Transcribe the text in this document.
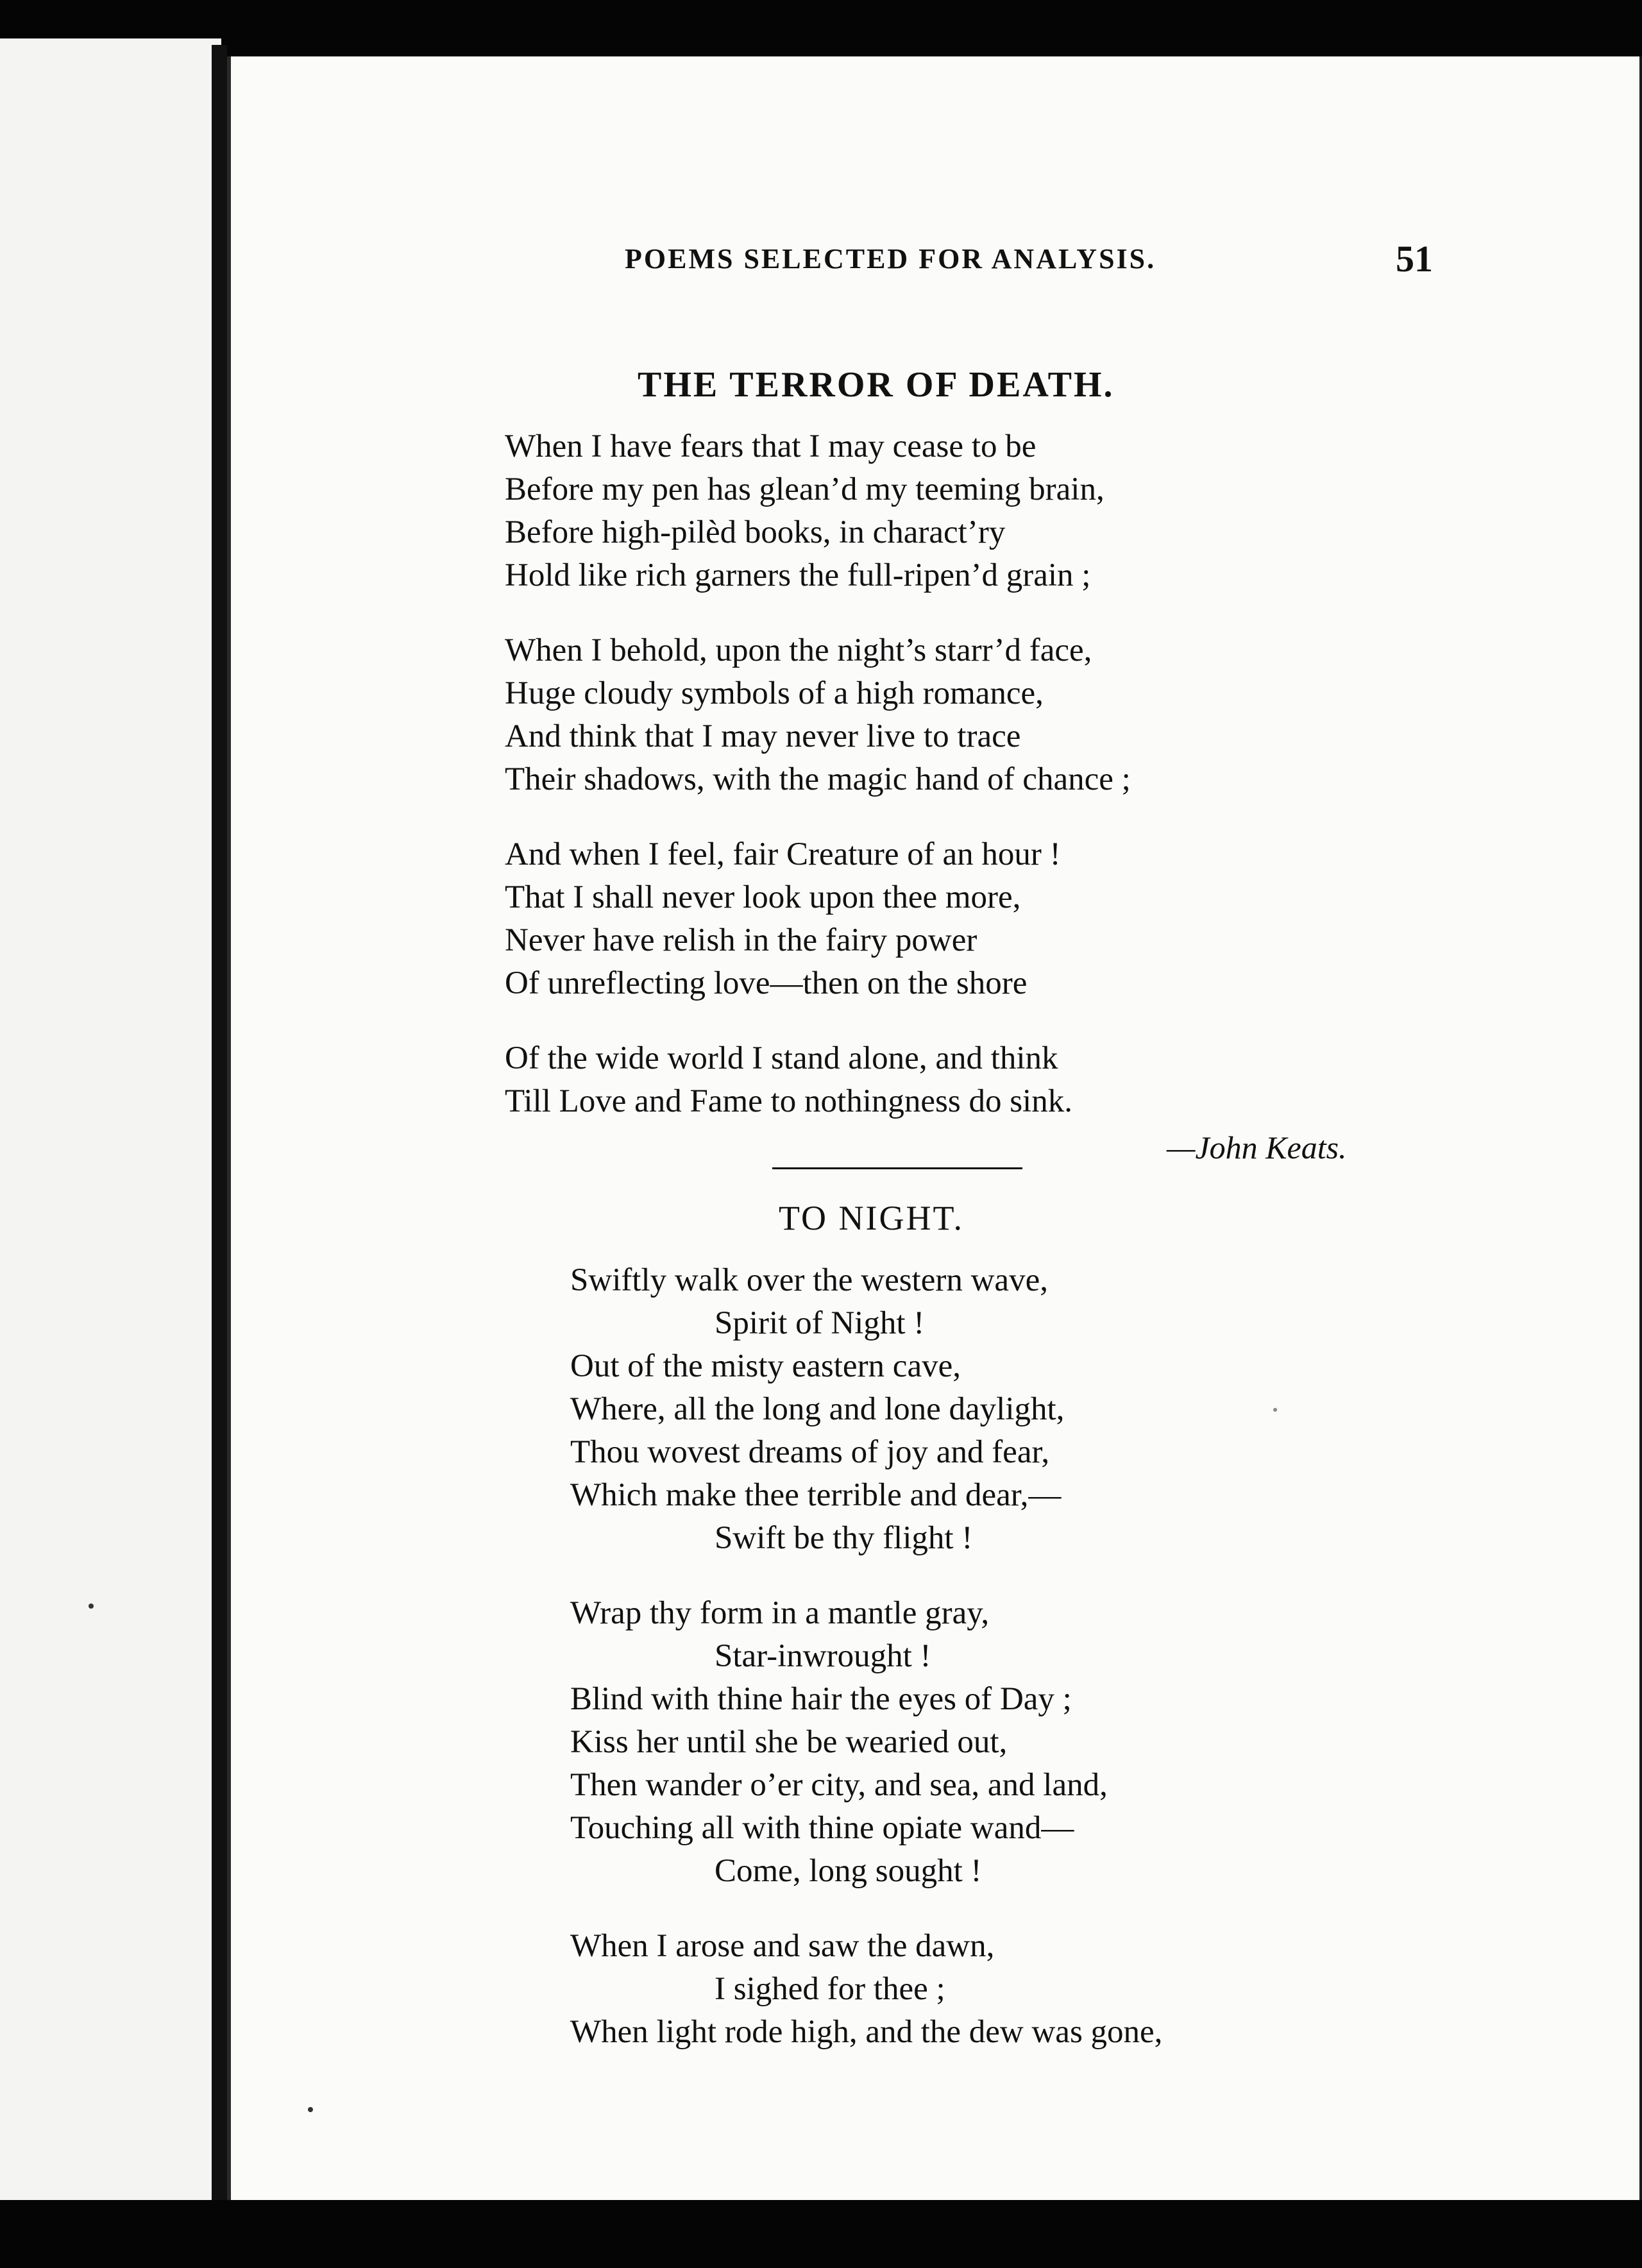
POEMS SELECTED FOR ANALYSIS.	51
THE TERROR OF DEATH.
When I have fears that I may cease to be
Before my pen has glean’d my teeming brain,
Before high-pilèd books, in charact’ry
Hold like rich garners the full-ripen’d grain ;
When I behold, upon the night’s starr’d face,
Huge cloudy symbols of a high romance,
And think that I may never live to trace
Their shadows, with the magic hand of chance ;
And when I feel, fair Creature of an hour !
That I shall never look upon thee more,
Never have relish in the fairy power
Of unreflecting love—then on the shore
Of the wide world I stand alone, and think
Till Love and Fame to nothingness do sink.
—John Keats.
TO NIGHT.
Swiftly walk over the western wave,
Spirit of Night !
Out of the misty eastern cave,
Where, all the long and lone daylight,
Thou wovest dreams of joy and fear,
Which make thee terrible and dear,—
Swift be thy flight !
Wrap thy form in a mantle gray,
Star-inwrought !
Blind with thine hair the eyes of Day ;
Kiss her until she be wearied out,
Then wander o’er city, and sea, and land,
Touching all with thine opiate wand—
Come, long sought !
When I arose and saw the dawn,
I sighed for thee ;
When light rode high, and the dew was gone,
